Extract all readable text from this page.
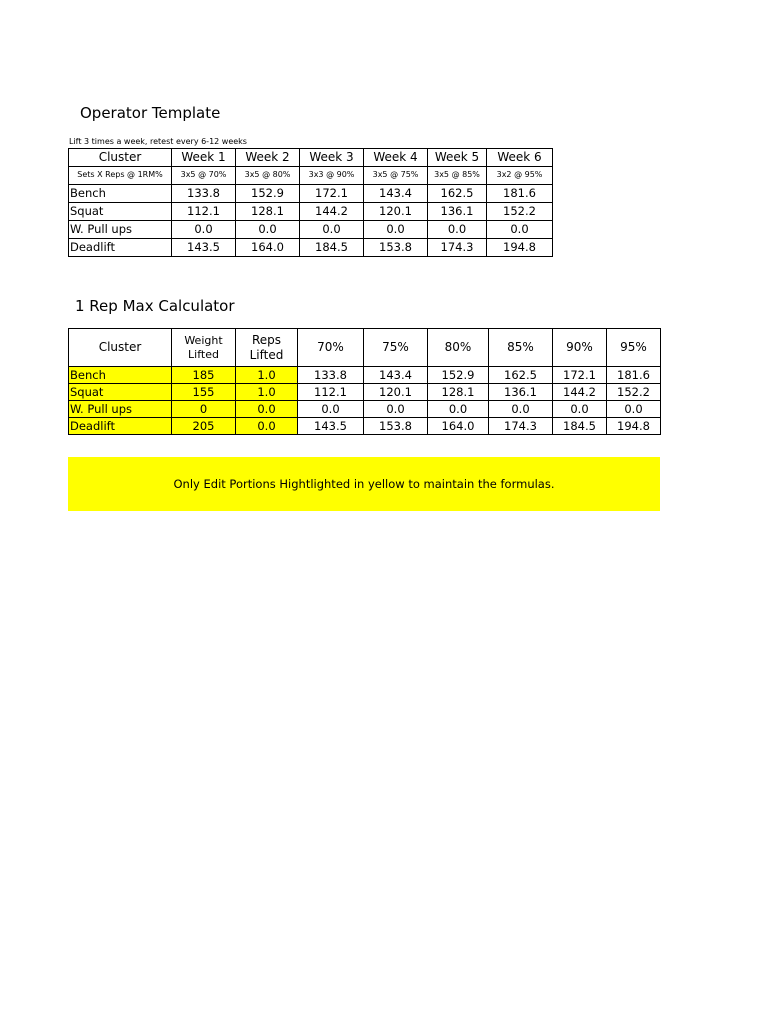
Operator Template
Lift 3 times a week, retest every 6-12 weeks
Cluster	Week 1	Week 2	Week 3	Week 4	Week 5	Week 6
Sets X Reps @ 1RM%	3x5 @ 70%	3x5 @ 80%	3x3 @ 90%	3x5 @ 75%	3x5 @ 85%	3x2 @ 95%
Bench	133.8	152.9	172.1	143.4	162.5	181.6
Squat	112.1	128.1	144.2	120.1	136.1	152.2
W. Pull ups	0.0	0.0	0.0	0.0	0.0	0.0
Deadlift	143.5	164.0	184.5	153.8	174.3	194.8
1 Rep Max Calculator
Cluster	Weight Lifted	Reps Lifted	70%	75%	80%	85%	90%	95%
Bench	185	1.0	133.8	143.4	152.9	162.5	172.1	181.6
Squat	155	1.0	112.1	120.1	128.1	136.1	144.2	152.2
W. Pull ups	0	0.0	0.0	0.0	0.0	0.0	0.0	0.0
Deadlift	205	0.0	143.5	153.8	164.0	174.3	184.5	194.8
Only Edit Portions Hightlighted in yellow to maintain the formulas.
